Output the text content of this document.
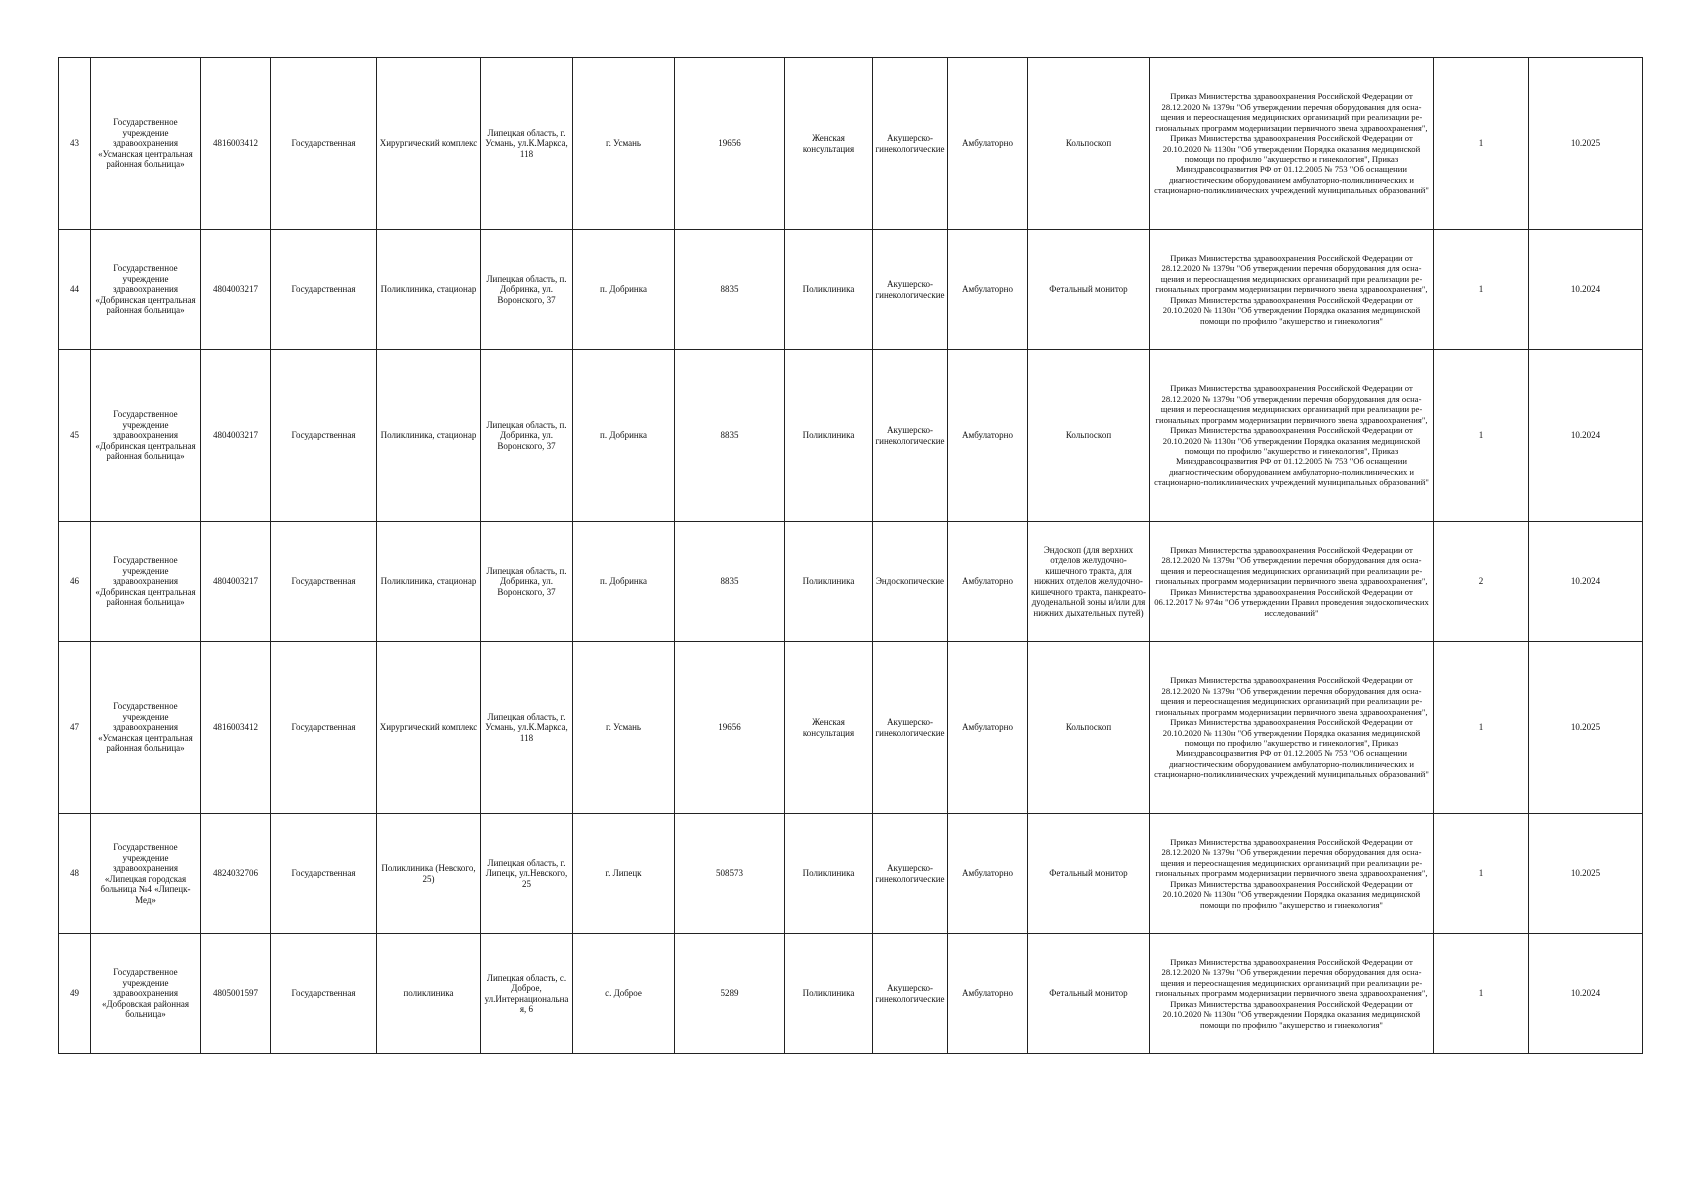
43	Государственное учреждение здравоохранения «Усманская центральная районная больница»	4816003412	Государственная	Хирургический комплекс	Липецкая область, г. Усмань, ул.К.Маркса, 118	г. Усмань	19656	Женская консультация	Акушерско-гинекологические	Амбулаторно	Кольпоскоп	Приказ Министерства здравоохранения Российской Федерации от 28.12.2020 № 1379н "Об утверждении перечня оборудования для осна-щения и переоснащения медицинских организаций при реализации ре-гиональных программ модернизации первичного звена здравоохранения", Приказ Министерства здравоохранения Российской Федерации от 20.10.2020 № 1130н "Об утверждении Порядка оказания медицинской помощи по профилю "акушерство и гинекология", Приказ Минздравсоцразвития РФ от 01.12.2005 № 753 "Об оснащении диагностическим оборудованием амбулаторно-поликлинических и стационарно-поликлинических учреждений муниципальных образований"	1	10.2025
44	Государственное учреждение здравоохранения «Добринская центральная районная больница»	4804003217	Государственная	Поликлиника, стационар	Липецкая область, п. Добринка, ул. Воронского, 37	п. Добринка	8835	Поликлиника	Акушерско-гинекологические	Амбулаторно	Фетальный монитор	Приказ Министерства здравоохранения Российской Федерации от 28.12.2020 № 1379н "Об утверждении перечня оборудования для осна-щения и переоснащения медицинских организаций при реализации ре-гиональных программ модернизации первичного звена здравоохранения", Приказ Министерства здравоохранения Российской Федерации от 20.10.2020 № 1130н "Об утверждении Порядка оказания медицинской помощи по профилю "акушерство и гинекология"	1	10.2024
45	Государственное учреждение здравоохранения «Добринская центральная районная больница»	4804003217	Государственная	Поликлиника, стационар	Липецкая область, п. Добринка, ул. Воронского, 37	п. Добринка	8835	Поликлиника	Акушерско-гинекологические	Амбулаторно	Кольпоскоп	Приказ Министерства здравоохранения Российской Федерации от 28.12.2020 № 1379н "Об утверждении перечня оборудования для осна-щения и переоснащения медицинских организаций при реализации ре-гиональных программ модернизации первичного звена здравоохранения", Приказ Министерства здравоохранения Российской Федерации от 20.10.2020 № 1130н "Об утверждении Порядка оказания медицинской помощи по профилю "акушерство и гинекология", Приказ Минздравсоцразвития РФ от 01.12.2005 № 753 "Об оснащении диагностическим оборудованием амбулаторно-поликлинических и стационарно-поликлинических учреждений муниципальных образований"	1	10.2024
46	Государственное учреждение здравоохранения «Добринская центральная районная больница»	4804003217	Государственная	Поликлиника, стационар	Липецкая область, п. Добринка, ул. Воронского, 37	п. Добринка	8835	Поликлиника	Эндоскопические	Амбулаторно	Эндоскоп (для верхних отделов желудочно-кишечного тракта, для нижних отделов желудочно-кишечного тракта, панкреато-дуоденальной зоны и/или для нижних дыхательных путей)	Приказ Министерства здравоохранения Российской Федерации от 28.12.2020 № 1379н "Об утверждении перечня оборудования для осна-щения и переоснащения медицинских организаций при реализации ре-гиональных программ модернизации первичного звена здравоохранения", Приказ Министерства здравоохранения Российской Федерации от 06.12.2017 № 974н "Об утверждении Правил проведения эндоскопических исследований"	2	10.2024
47	Государственное учреждение здравоохранения «Усманская центральная районная больница»	4816003412	Государственная	Хирургический комплекс	Липецкая область, г. Усмань, ул.К.Маркса, 118	г. Усмань	19656	Женская консультация	Акушерско-гинекологические	Амбулаторно	Кольпоскоп	Приказ Министерства здравоохранения Российской Федерации от 28.12.2020 № 1379н "Об утверждении перечня оборудования для осна-щения и переоснащения медицинских организаций при реализации ре-гиональных программ модернизации первичного звена здравоохранения", Приказ Министерства здравоохранения Российской Федерации от 20.10.2020 № 1130н "Об утверждении Порядка оказания медицинской помощи по профилю "акушерство и гинекология", Приказ Минздравсоцразвития РФ от 01.12.2005 № 753 "Об оснащении диагностическим оборудованием амбулаторно-поликлинических и стационарно-поликлинических учреждений муниципальных образований"	1	10.2025
48	Государственное учреждение здравоохранения «Липецкая городская больница №4 «Липецк-Мед»	4824032706	Государственная	Поликлиника (Невского, 25)	Липецкая область, г. Липецк, ул.Невского, 25	г. Липецк	508573	Поликлиника	Акушерско-гинекологические	Амбулаторно	Фетальный монитор	Приказ Министерства здравоохранения Российской Федерации от 28.12.2020 № 1379н "Об утверждении перечня оборудования для осна-щения и переоснащения медицинских организаций при реализации ре-гиональных программ модернизации первичного звена здравоохранения", Приказ Министерства здравоохранения Российской Федерации от 20.10.2020 № 1130н "Об утверждении Порядка оказания медицинской помощи по профилю "акушерство и гинекология"	1	10.2025
49	Государственное учреждение здравоохранения «Добровская районная больница»	4805001597	Государственная	поликлиника	Липецкая область, с. Доброе, ул.Интернациональная, 6	с. Доброе	5289	Поликлиника	Акушерско-гинекологические	Амбулаторно	Фетальный монитор	Приказ Министерства здравоохранения Российской Федерации от 28.12.2020 № 1379н "Об утверждении перечня оборудования для осна-щения и переоснащения медицинских организаций при реализации ре-гиональных программ модернизации первичного звена здравоохранения", Приказ Министерства здравоохранения Российской Федерации от 20.10.2020 № 1130н "Об утверждении Порядка оказания медицинской помощи по профилю "акушерство и гинекология"	1	10.2024
